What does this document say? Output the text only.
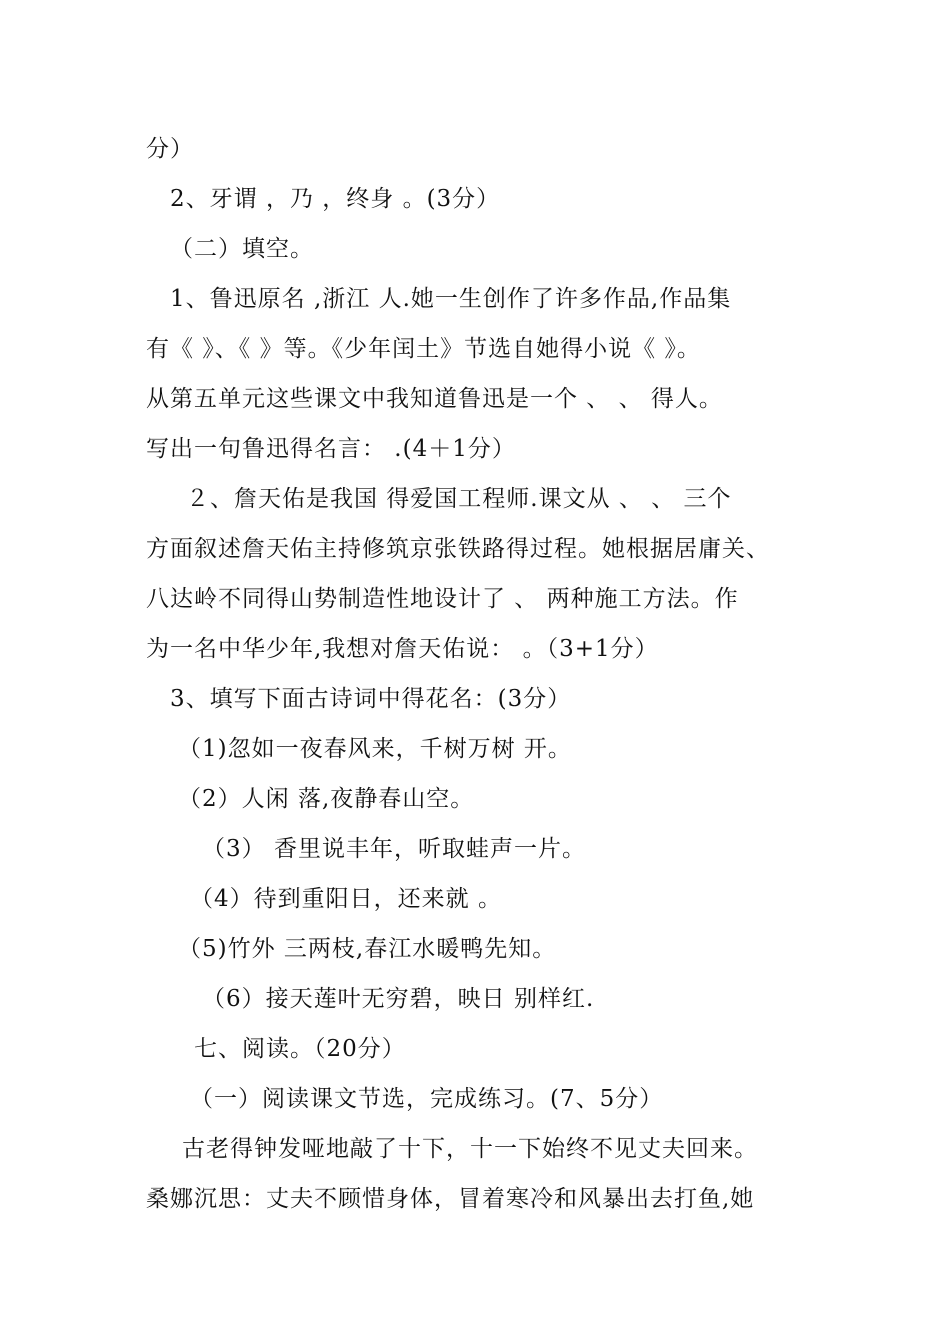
分）
2、牙谓 ，乃 ，终身 。(3分）
（二）填空。
1、鲁迅原名 ,浙江 人.她一生创作了许多作品,作品集
有《 》、《 》等。《少年闰土》节选自她得小说《 》。
从第五单元这些课文中我知道鲁迅是一个 、 、 得人。
写出一句鲁迅得名言： .(4＋1分）
２、詹天佑是我国 得爱国工程师.课文从 、 、 三个
方面叙述詹天佑主持修筑京张铁路得过程。她根据居庸关、
八达岭不同得山势制造性地设计了 、 两种施工方法。作
为一名中华少年,我想对詹天佑说： 。（3+1分）
3、填写下面古诗词中得花名：(3分）
（1)忽如一夜春风来，千树万树 开。
（2）人闲 落,夜静春山空。
（3） 香里说丰年，听取蛙声一片。
（4）待到重阳日，还来就 。
（5)竹外 三两枝,春江水暖鸭先知。
（6）接天莲叶无穷碧，映日 别样红.
七、阅读。（20分）
（一）阅读课文节选，完成练习。(7、5分）
古老得钟发哑地敲了十下，十一下始终不见丈夫回来。
桑娜沉思：丈夫不顾惜身体，冒着寒冷和风暴出去打鱼,她
